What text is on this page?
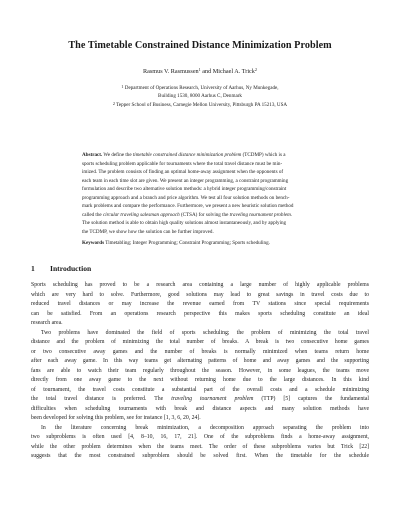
The Timetable Constrained Distance Minimization Problem
Rasmus V. Rasmussen$^1$ and Michael A. Trick$^2$
$^1$ Department of Operations Research, University of Aarhus, Ny Munkegade,
Building 1530, 8000 Aarhus C, Denmark
$^2$ Tepper School of Business, Carnegie Mellon University, Pittsburgh PA 15213, USA
Abstract. We define the timetable constrained distance minimization problem (TCDMP) which is a
sports scheduling problem applicable for tournaments where the total travel distance must be min-
imized. The problem consists of finding an optimal home-away assignment when the opponents of
each team in each time slot are given. We present an integer programming, a constraint programming
formulation and describe two alternative solution methods: a hybrid integer programming/constraint
programming approach and a branch and price algorithm. We test all four solution methods on bench-
mark problems and compare the performance. Furthermore, we present a new heuristic solution method
called the circular traveling salesman approach (CTSA) for solving the traveling tournament problem.
The solution method is able to obtain high quality solutions almost instantaneously, and by applying
the TCDMP, we show how the solution can be further improved.
Keywords Timetabling; Integer Programming; Constraint Programming; Sports scheduling.
1 Introduction
Sports scheduling has proved to be a research area containing a large number of highly applicable problems
which are very hard to solve. Furthermore, good solutions may lead to great savings in travel costs due to
reduced travel distances or may increase the revenue earned from TV stations since special requirements
can be satisfied. From an operations research perspective this makes sports scheduling constitute an ideal
research area.
Two problems have dominated the field of sports scheduling; the problem of minimizing the total travel
distance and the problem of minimizing the total number of breaks. A break is two consecutive home games
or two consecutive away games and the number of breaks is normally minimized when teams return home
after each away game. In this way teams get alternating patterns of home and away games and the supporting
fans are able to watch their team regularly throughout the season. However, in some leagues, the teams move
directly from one away game to the next without returning home due to the large distances. In this kind
of tournament, the travel costs constitute a substantial part of the overall costs and a schedule minimizing
the total travel distance is preferred. The traveling tournament problem (TTP) [5] captures the fundamental
difficulties when scheduling tournaments with break and distance aspects and many solution methods have
been developed for solving this problem, see for instance [1, 3, 6, 20, 24].
In the literature concerning break minimization, a decomposition approach separating the problem into
two subproblems is often used [4, 8–10, 16, 17, 21]. One of the subproblems finds a home-away assignment,
while the other problem determines when the teams meet. The order of these subproblems varies but Trick [22]
suggests that the most constrained subproblem should be solved first. When the timetable for the schedule
